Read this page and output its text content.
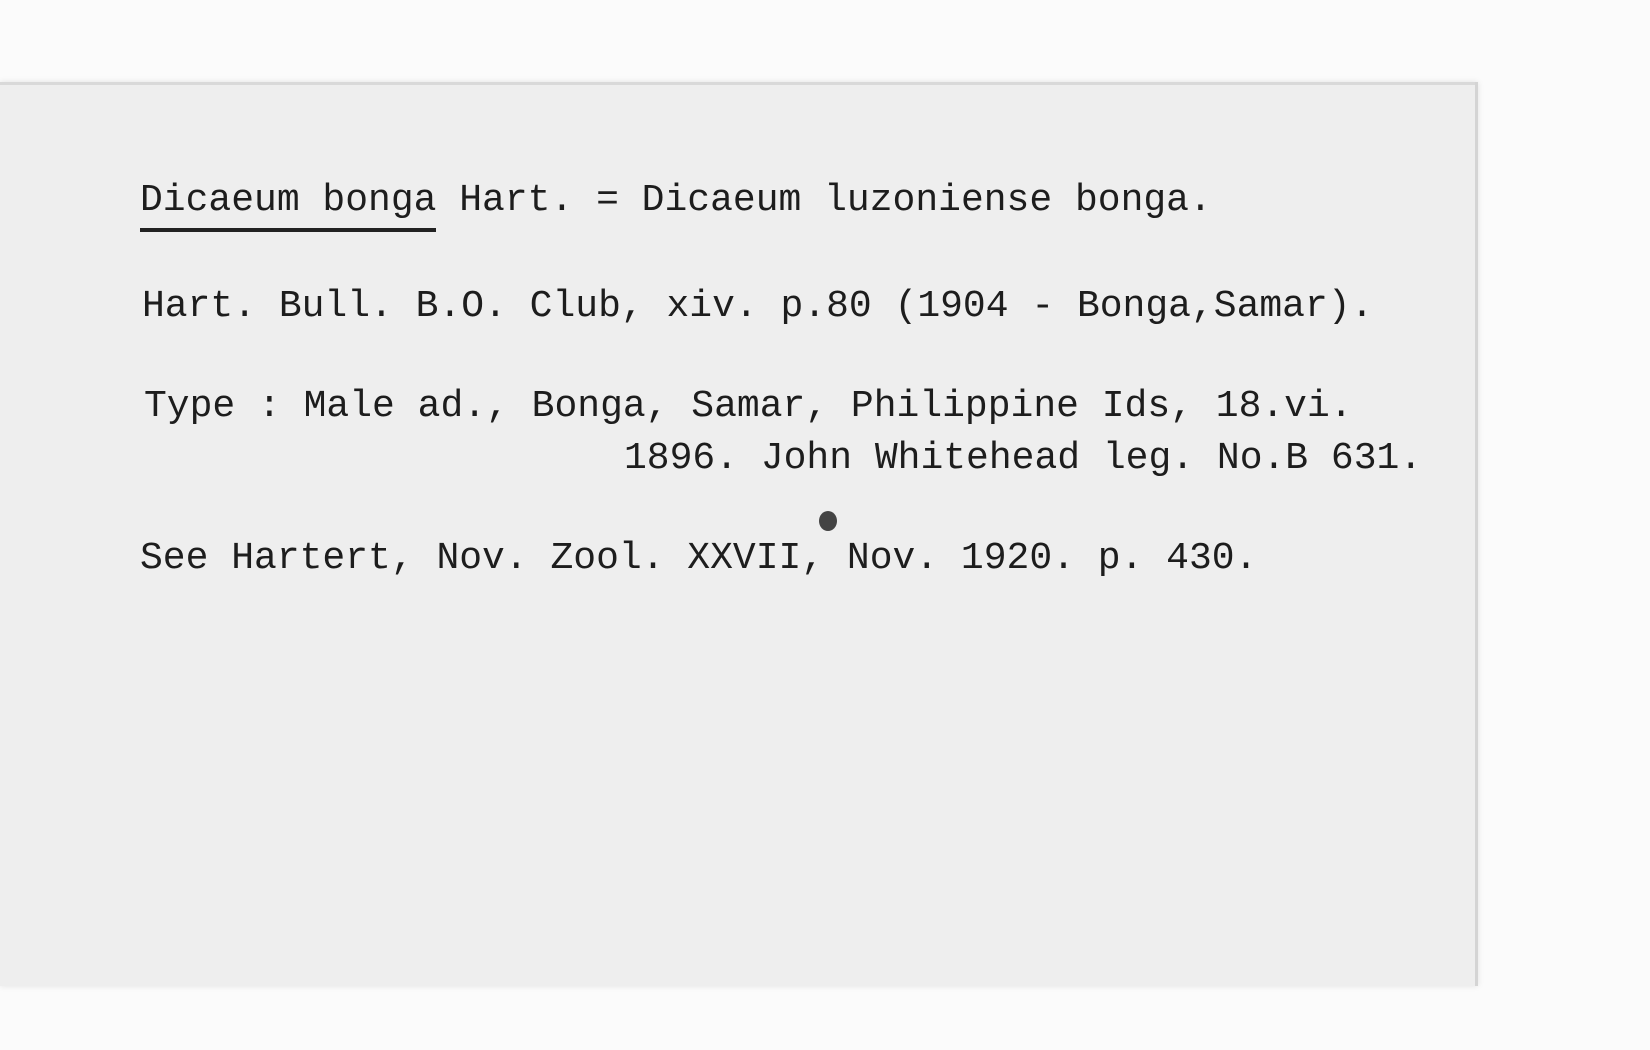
Dicaeum bonga Hart. = Dicaeum luzoniense bonga.

Hart. Bull. B.O. Club, xiv. p.80 (1904 - Bonga,Samar).

Type : Male ad., Bonga, Samar, Philippine Ids, 18.vi.

1896. John Whitehead leg. No.B 631.

See Hartert, Nov. Zool. XXVII, Nov. 1920. p. 430.
